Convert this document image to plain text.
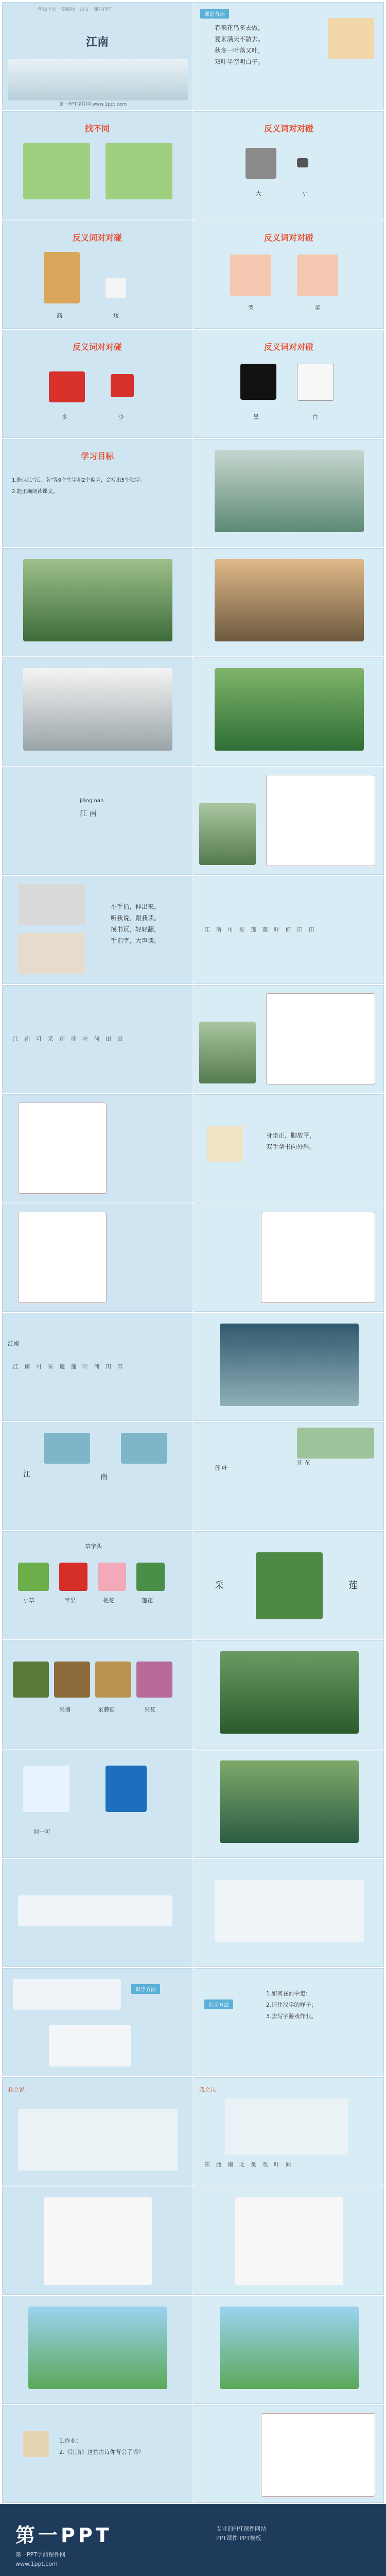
一年级上册一部编版一语文一课件PPT
江南
第一PPT课件网 www.1ppt.com
课前背诵
春来花鸟多去做，
夏来满天不散去。
秋冬一叶落又叶，
双叶半空明白子。
找不同	反义词对对碰
大	小
反义词对对碰
高	矮
反义词对对碰
哭	笑
反义词对对碰
多	少
反义词对对碰
黑	白
学习目标
1.能认江“江、南”等9个生字和2个偏旁，会写出5个独字。
2.能正确朗读课文。
jiāng nán
江 南
小手指，伸出来，
听我说，跟我读。
摸书页，轻轻翻，
手指字，大声读。
江 南 可 采 莲 莲 叶 何 田 田
江 南 可 采 莲 莲 叶 何 田 田
身坐正，脚放平，
双手拿书向外斜。
江南
江 南 可 采 莲 莲 叶 何 田 田
江	南
莲 叶
莲 花
草字头
小草	苹果	桃花	莲花
采	莲
采摘	采蘑菇	采花
河一可
识字方法
识字方法
1.如何在河中走：
2.记住汉字的样子；
3.去写字游戏作业。
我会说	我会认
东 西 南 北 鱼 戏 叶 间
1.作业：
2.《江南》这首古诗你背会了吗？
第一PPT
第一PPT学前课件网
www.1ppt.com
专业的PPT课件网站
PPT课件 PPT模板
